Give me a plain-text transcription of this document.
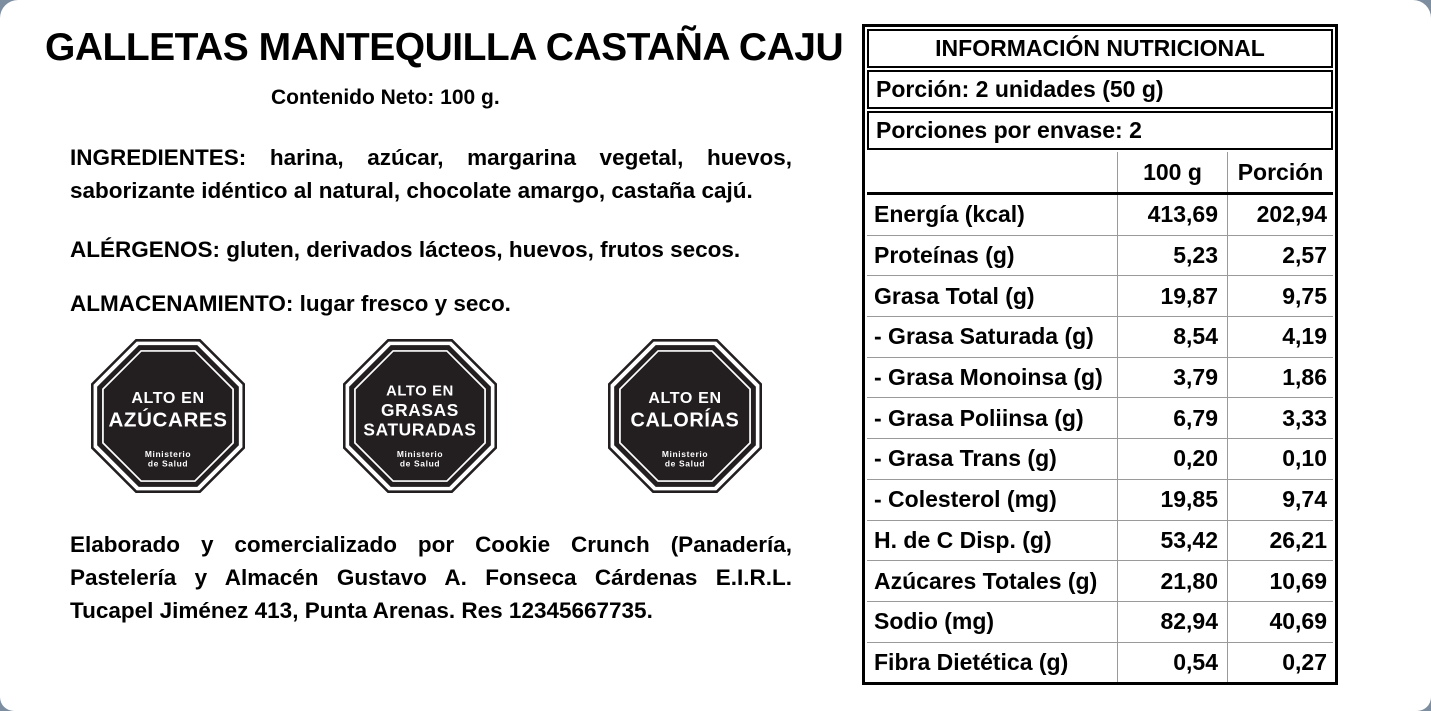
GALLETAS MANTEQUILLA CASTAÑA CAJU
Contenido Neto: 100 g.

INGREDIENTES: harina, azúcar, margarina vegetal, huevos, saborizante idéntico al natural, chocolate amargo, castaña cajú.

ALÉRGENOS: gluten, derivados lácteos, huevos, frutos secos.

ALMACENAMIENTO: lugar fresco y seco.

ALTO EN
AZÚCARES
Ministerio
de Salud
ALTO EN
GRASAS
SATURADAS
Ministerio
de Salud
ALTO EN
CALORÍAS
Ministerio
de Salud

Elaborado y comercializado por Cookie Crunch (Panadería, Pastelería y Almacén Gustavo A. Fonseca Cárdenas E.I.R.L. Tucapel Jiménez 413, Punta Arenas. Res 12345667735.

INFORMACIÓN NUTRICIONAL
Porción: 2 unidades (50 g)
Porciones por envase: 2
100 g	Porción
Energía (kcal)	413,69	202,94
Proteínas (g)	5,23	2,57
Grasa Total (g)	19,87	9,75
- Grasa Saturada (g)	8,54	4,19
- Grasa Monoinsa (g)	3,79	1,86
- Grasa Poliinsa (g)	6,79	3,33
- Grasa Trans (g)	0,20	0,10
- Colesterol (mg)	19,85	9,74
H. de C Disp. (g)	53,42	26,21
Azúcares Totales (g)	21,80	10,69
Sodio (mg)	82,94	40,69
Fibra Dietética (g)	0,54	0,27
